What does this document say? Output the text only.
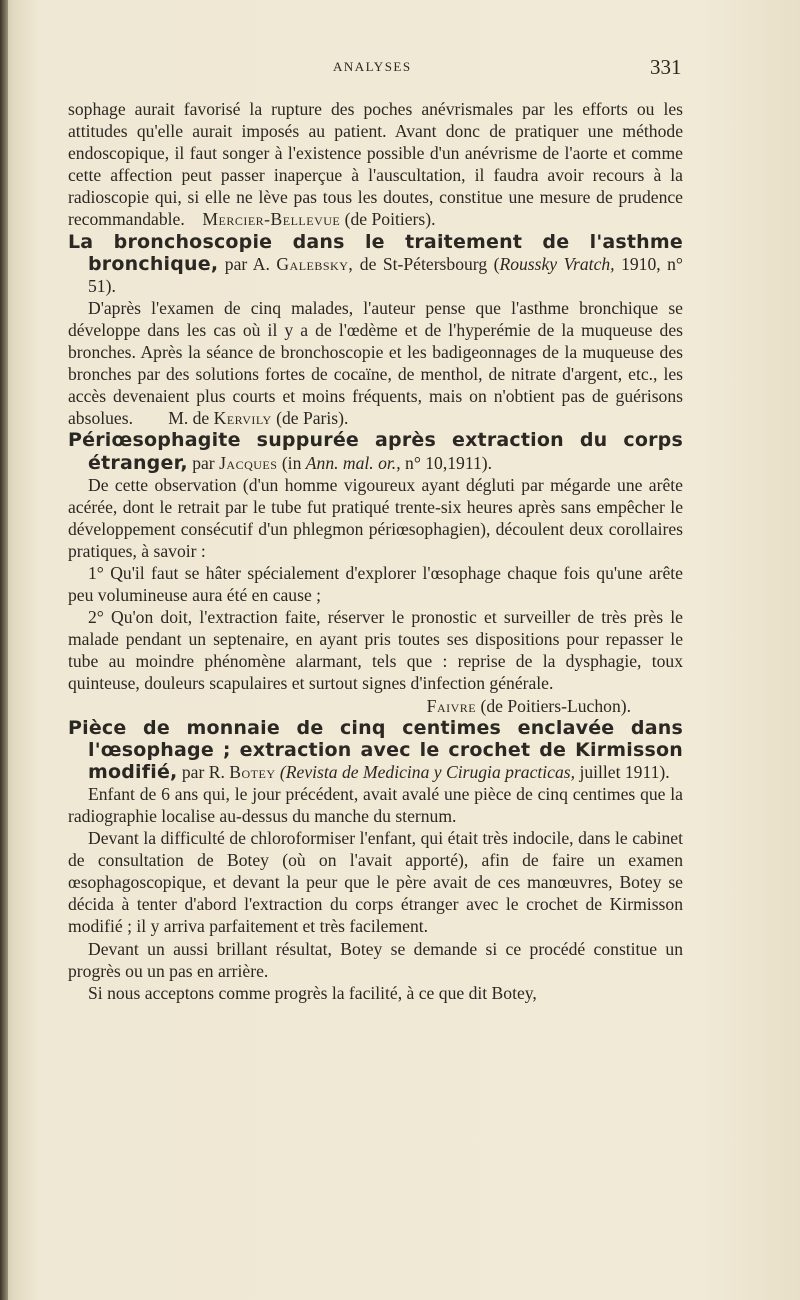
ANALYSES	331

sophage aurait favorisé la rupture des poches anévrismales par les efforts ou les attitudes qu'elle aurait imposés au patient. Avant donc de pratiquer une méthode endoscopique, il faut songer à l'existence possible d'un anévrisme de l'aorte et comme cette affection peut passer inaperçue à l'auscultation, il faudra avoir recours à la radioscopie qui, si elle ne lève pas tous les doutes, constitue une mesure de prudence recommandable. Mercier-Bellevue (de Poitiers).

La bronchoscopie dans le traitement de l'asthme bronchique, par A. Galebsky, de St-Pétersbourg (Roussky Vratch, 1910, n° 51).

D'après l'examen de cinq malades, l'auteur pense que l'asthme bronchique se développe dans les cas où il y a de l'œdème et de l'hyperémie de la muqueuse des bronches. Après la séance de bronchoscopie et les badigeonnages de la muqueuse des bronches par des solutions fortes de cocaïne, de menthol, de nitrate d'argent, etc., les accès devenaient plus courts et moins fréquents, mais on n'obtient pas de guérisons absolues. M. de Kervily (de Paris).

Périœsophagite suppurée après extraction du corps étranger, par Jacques (in Ann. mal. or., n° 10,1911).

De cette observation (d'un homme vigoureux ayant dégluti par mégarde une arête acérée, dont le retrait par le tube fut pratiqué trente-six heures après sans empêcher le développement consécutif d'un phlegmon périœsophagien), découlent deux corollaires pratiques, à savoir :

1° Qu'il faut se hâter spécialement d'explorer l'œsophage chaque fois qu'une arête peu volumineuse aura été en cause ;

2° Qu'on doit, l'extraction faite, réserver le pronostic et surveiller de très près le malade pendant un septenaire, en ayant pris toutes ses dispositions pour repasser le tube au moindre phénomène alarmant, tels que : reprise de la dysphagie, toux quinteuse, douleurs scapulaires et surtout signes d'infection générale.

Faivre (de Poitiers-Luchon).

Pièce de monnaie de cinq centimes enclavée dans l'œsophage ; extraction avec le crochet de Kirmisson modifié, par R. Botey (Revista de Medicina y Cirugia practicas, juillet 1911).

Enfant de 6 ans qui, le jour précédent, avait avalé une pièce de cinq centimes que la radiographie localise au-dessus du manche du sternum.

Devant la difficulté de chloroformiser l'enfant, qui était très indocile, dans le cabinet de consultation de Botey (où on l'avait apporté), afin de faire un examen œsophagoscopique, et devant la peur que le père avait de ces manœuvres, Botey se décida à tenter d'abord l'extraction du corps étranger avec le crochet de Kirmisson modifié ; il y arriva parfaitement et très facilement.

Devant un aussi brillant résultat, Botey se demande si ce procédé constitue un progrès ou un pas en arrière.

Si nous acceptons comme progrès la facilité, à ce que dit Botey,
